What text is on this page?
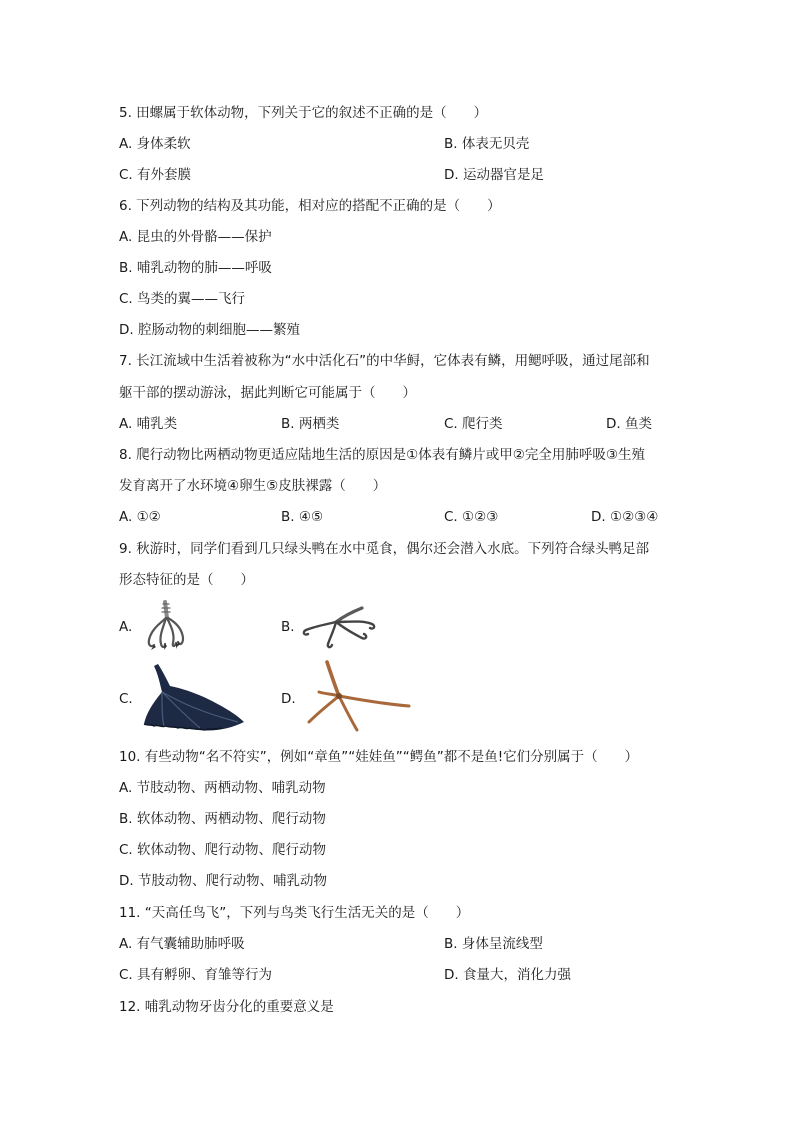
5. 田螺属于软体动物，下列关于它的叙述不正确的是（　　）
A. 身体柔软	B. 体表无贝壳
C. 有外套膜	D. 运动器官是足
6. 下列动物的结构及其功能，相对应的搭配不正确的是（　　）
A. 昆虫的外骨骼——保护
B. 哺乳动物的肺——呼吸
C. 鸟类的翼——飞行
D. 腔肠动物的刺细胞——繁殖
7. 长江流域中生活着被称为“水中活化石”的中华鲟，它体表有鳞，用鳃呼吸，通过尾部和
躯干部的摆动游泳，据此判断它可能属于（　　）
A. 哺乳类	B. 两栖类	C. 爬行类	D. 鱼类
8. 爬行动物比两栖动物更适应陆地生活的原因是①体表有鳞片或甲②完全用肺呼吸③生殖
发育离开了水环境④卵生⑤皮肤裸露（　　）
A. ①②	B. ④⑤	C. ①②③	D. ①②③④
9. 秋游时，同学们看到几只绿头鸭在水中觅食，偶尔还会潜入水底。下列符合绿头鸭足部
形态特征的是（　　）
A.	B.
C.	D.
10. 有些动物“名不符实”，例如“章鱼”“娃娃鱼”“鳄鱼”都不是鱼!它们分别属于（　　）
A. 节肢动物、两栖动物、哺乳动物
B. 软体动物、两栖动物、爬行动物
C. 软体动物、爬行动物、爬行动物
D. 节肢动物、爬行动物、哺乳动物
11. “天高任鸟飞”，下列与鸟类飞行生活无关的是（　　）
A. 有气囊辅助肺呼吸	B. 身体呈流线型
C. 具有孵卵、育雏等行为	D. 食量大，消化力强
12. 哺乳动物牙齿分化的重要意义是
